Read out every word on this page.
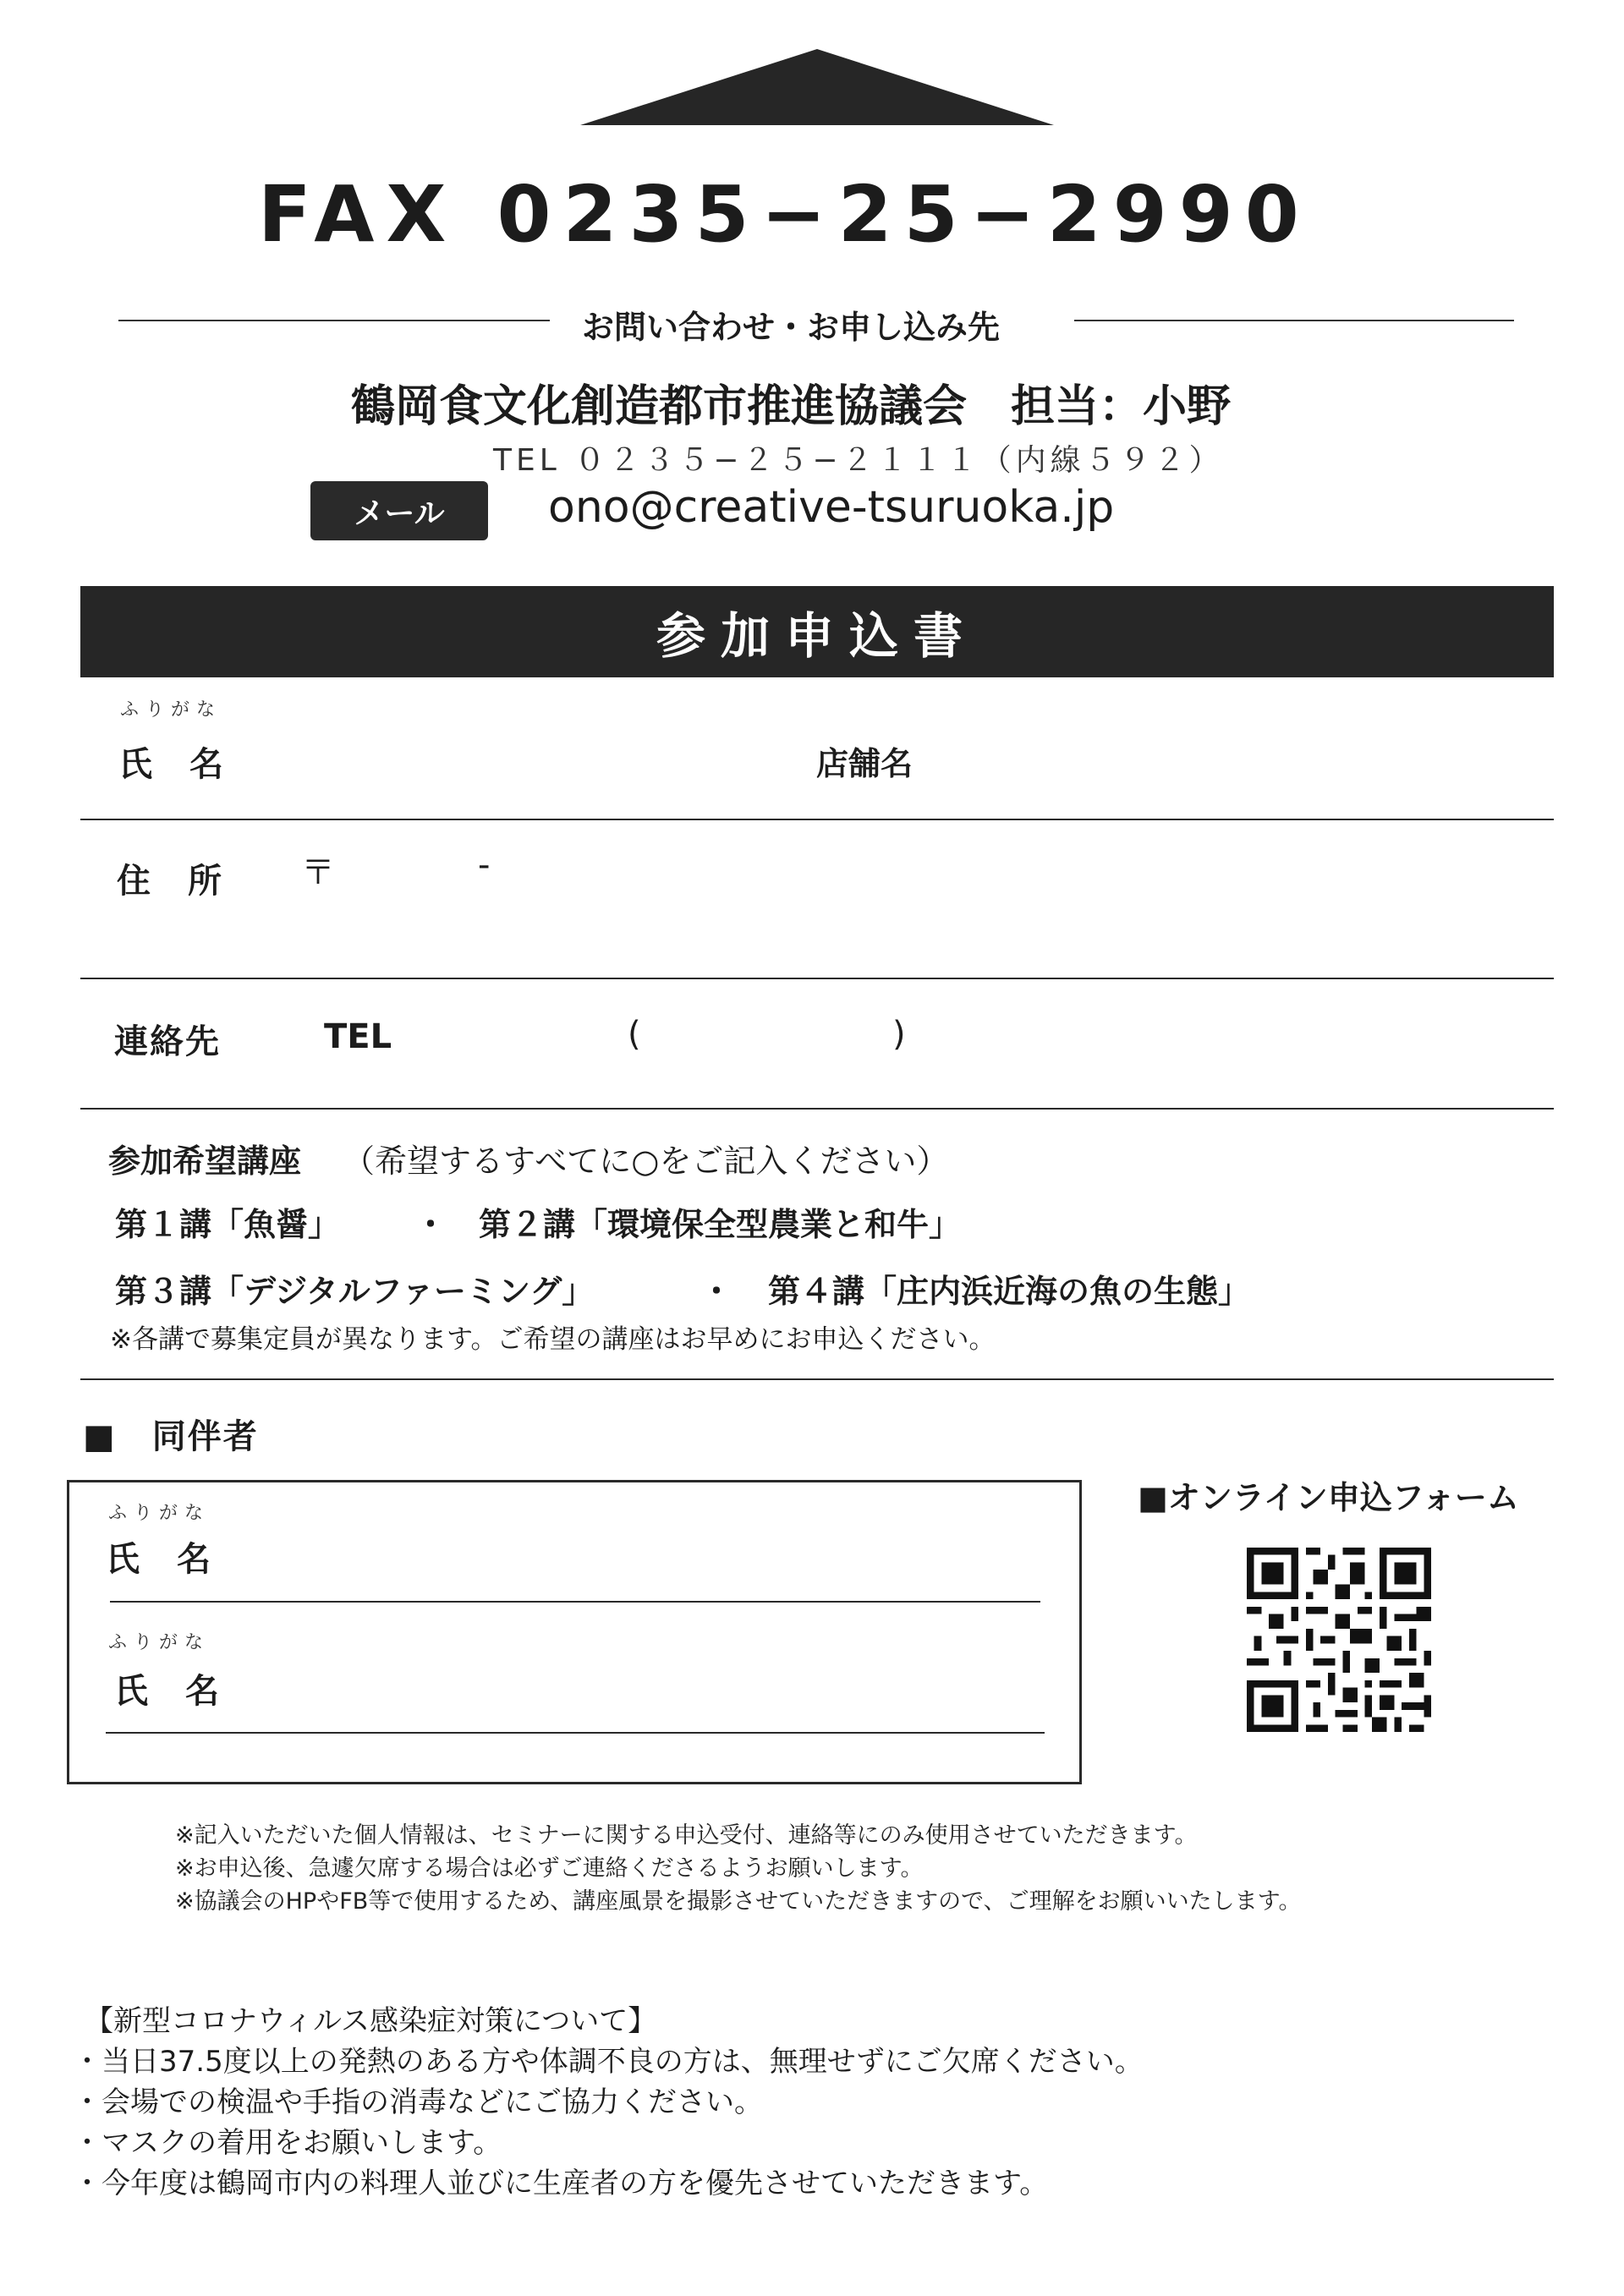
FAX 0235−25−2990
お問い合わせ・お申し込み先
鶴岡食文化創造都市推進協議会　担当：小野
TEL ０２３５−２５−２１１１（内線５９２）
メール	ono@creative-tsuruoka.jp
参加申込書
ふりがな
氏　名	店舗名
住　所 〒	-
連絡先	TEL	(	)
参加希望講座 （希望するすべてに○をご記入ください）
第１講「魚醤」 ・ 第２講「環境保全型農業と和牛」
第３講「デジタルファーミング」	・ 第４講「庄内浜近海の魚の生態」
※各講で募集定員が異なります。ご希望の講座はお早めにお申込ください。
■　同伴者
ふりがな
氏　名
ふりがな
氏　名
■オンライン申込フォーム
※記入いただいた個人情報は、セミナーに関する申込受付、連絡等にのみ使用させていただきます。
※お申込後、急遽欠席する場合は必ずご連絡くださるようお願いします。
※協議会のHPやFB等で使用するため、講座風景を撮影させていただきますので、ご理解をお願いいたします。
【新型コロナウィルス感染症対策について】
・当日37.5度以上の発熱のある方や体調不良の方は、無理せずにご欠席ください。
・会場での検温や手指の消毒などにご協力ください。
・マスクの着用をお願いします。
・今年度は鶴岡市内の料理人並びに生産者の方を優先させていただきます。
